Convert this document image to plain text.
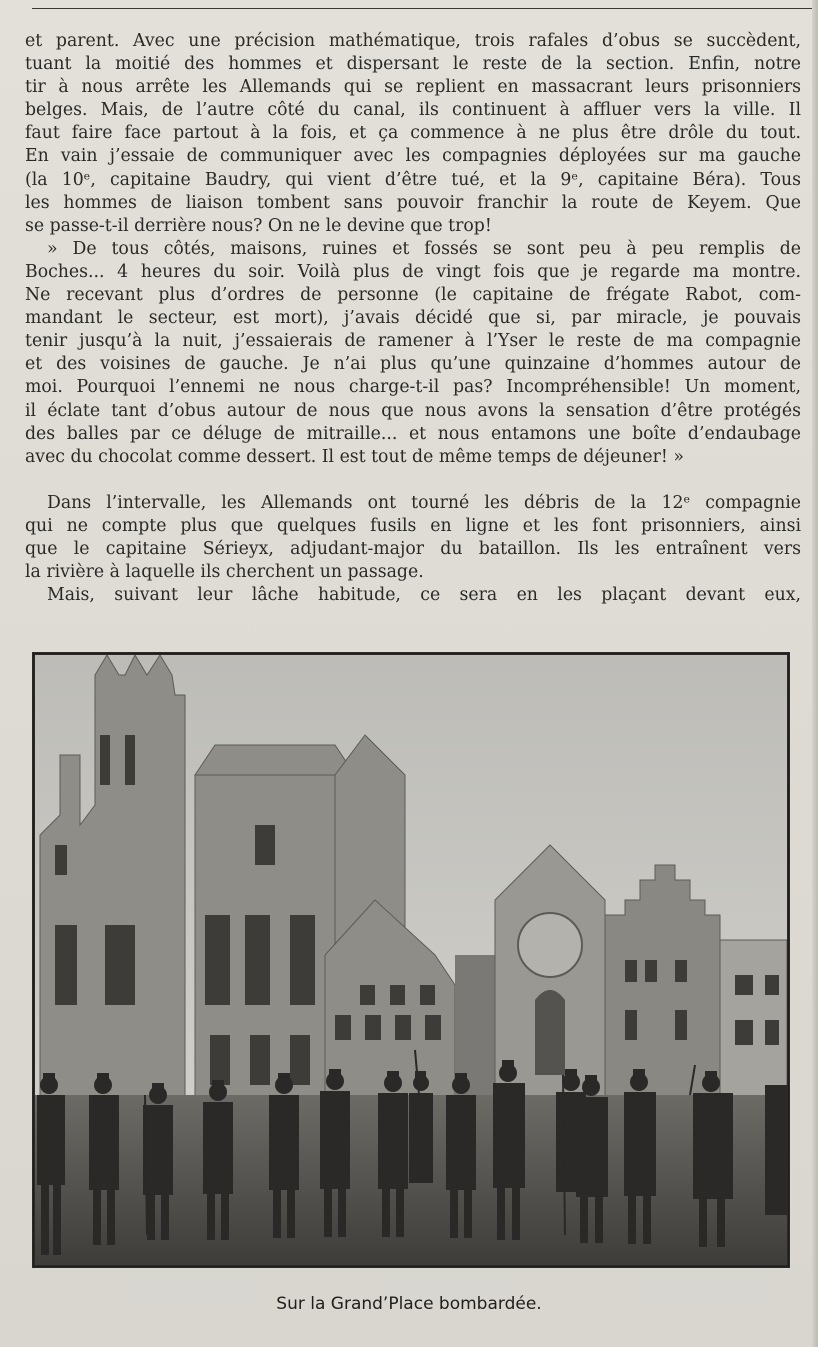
et parent. Avec une précision mathématique, trois rafales d’obus se succèdent,
tuant la moitié des hommes et dispersant le reste de la section. Enfin, notre
tir à nous arrête les Allemands qui se replient en massacrant leurs prisonniers
belges. Mais, de l’autre côté du canal, ils continuent à affluer vers la ville. Il
faut faire face partout à la fois, et ça commence à ne plus être drôle du tout.
En vain j’essaie de communiquer avec les compagnies déployées sur ma gauche
(la 10ᵉ, capitaine Baudry, qui vient d’être tué, et la 9ᵉ, capitaine Béra). Tous
les hommes de liaison tombent sans pouvoir franchir la route de Keyem. Que
se passe-t-il derrière nous? On ne le devine que trop!

» De tous côtés, maisons, ruines et fossés se sont peu à peu remplis de

Boches... 4 heures du soir. Voilà plus de vingt fois que je regarde ma montre.
Ne recevant plus d’ordres de personne (le capitaine de frégate Rabot, com-
mandant le secteur, est mort), j’avais décidé que si, par miracle, je pouvais
tenir jusqu’à la nuit, j’essaierais de ramener à l’Yser le reste de ma compagnie
et des voisines de gauche. Je n’ai plus qu’une quinzaine d’hommes autour de
moi. Pourquoi l’ennemi ne nous charge-t-il pas? Incompréhensible! Un moment,
il éclate tant d’obus autour de nous que nous avons la sensation d’être protégés
des balles par ce déluge de mitraille... et nous entamons une boîte d’endaubage
avec du chocolat comme dessert. Il est tout de même temps de déjeuner! »

Dans l’intervalle, les Allemands ont tourné les débris de la 12ᵉ compagnie

qui ne compte plus que quelques fusils en ligne et les font prisonniers, ainsi
que le capitaine Sérieyx, adjudant-major du bataillon. Ils les entraînent vers
la rivière à laquelle ils cherchent un passage.

Mais, suivant leur lâche habitude, ce sera en les plaçant devant eux,

Sur la Grand’Place bombardée.
